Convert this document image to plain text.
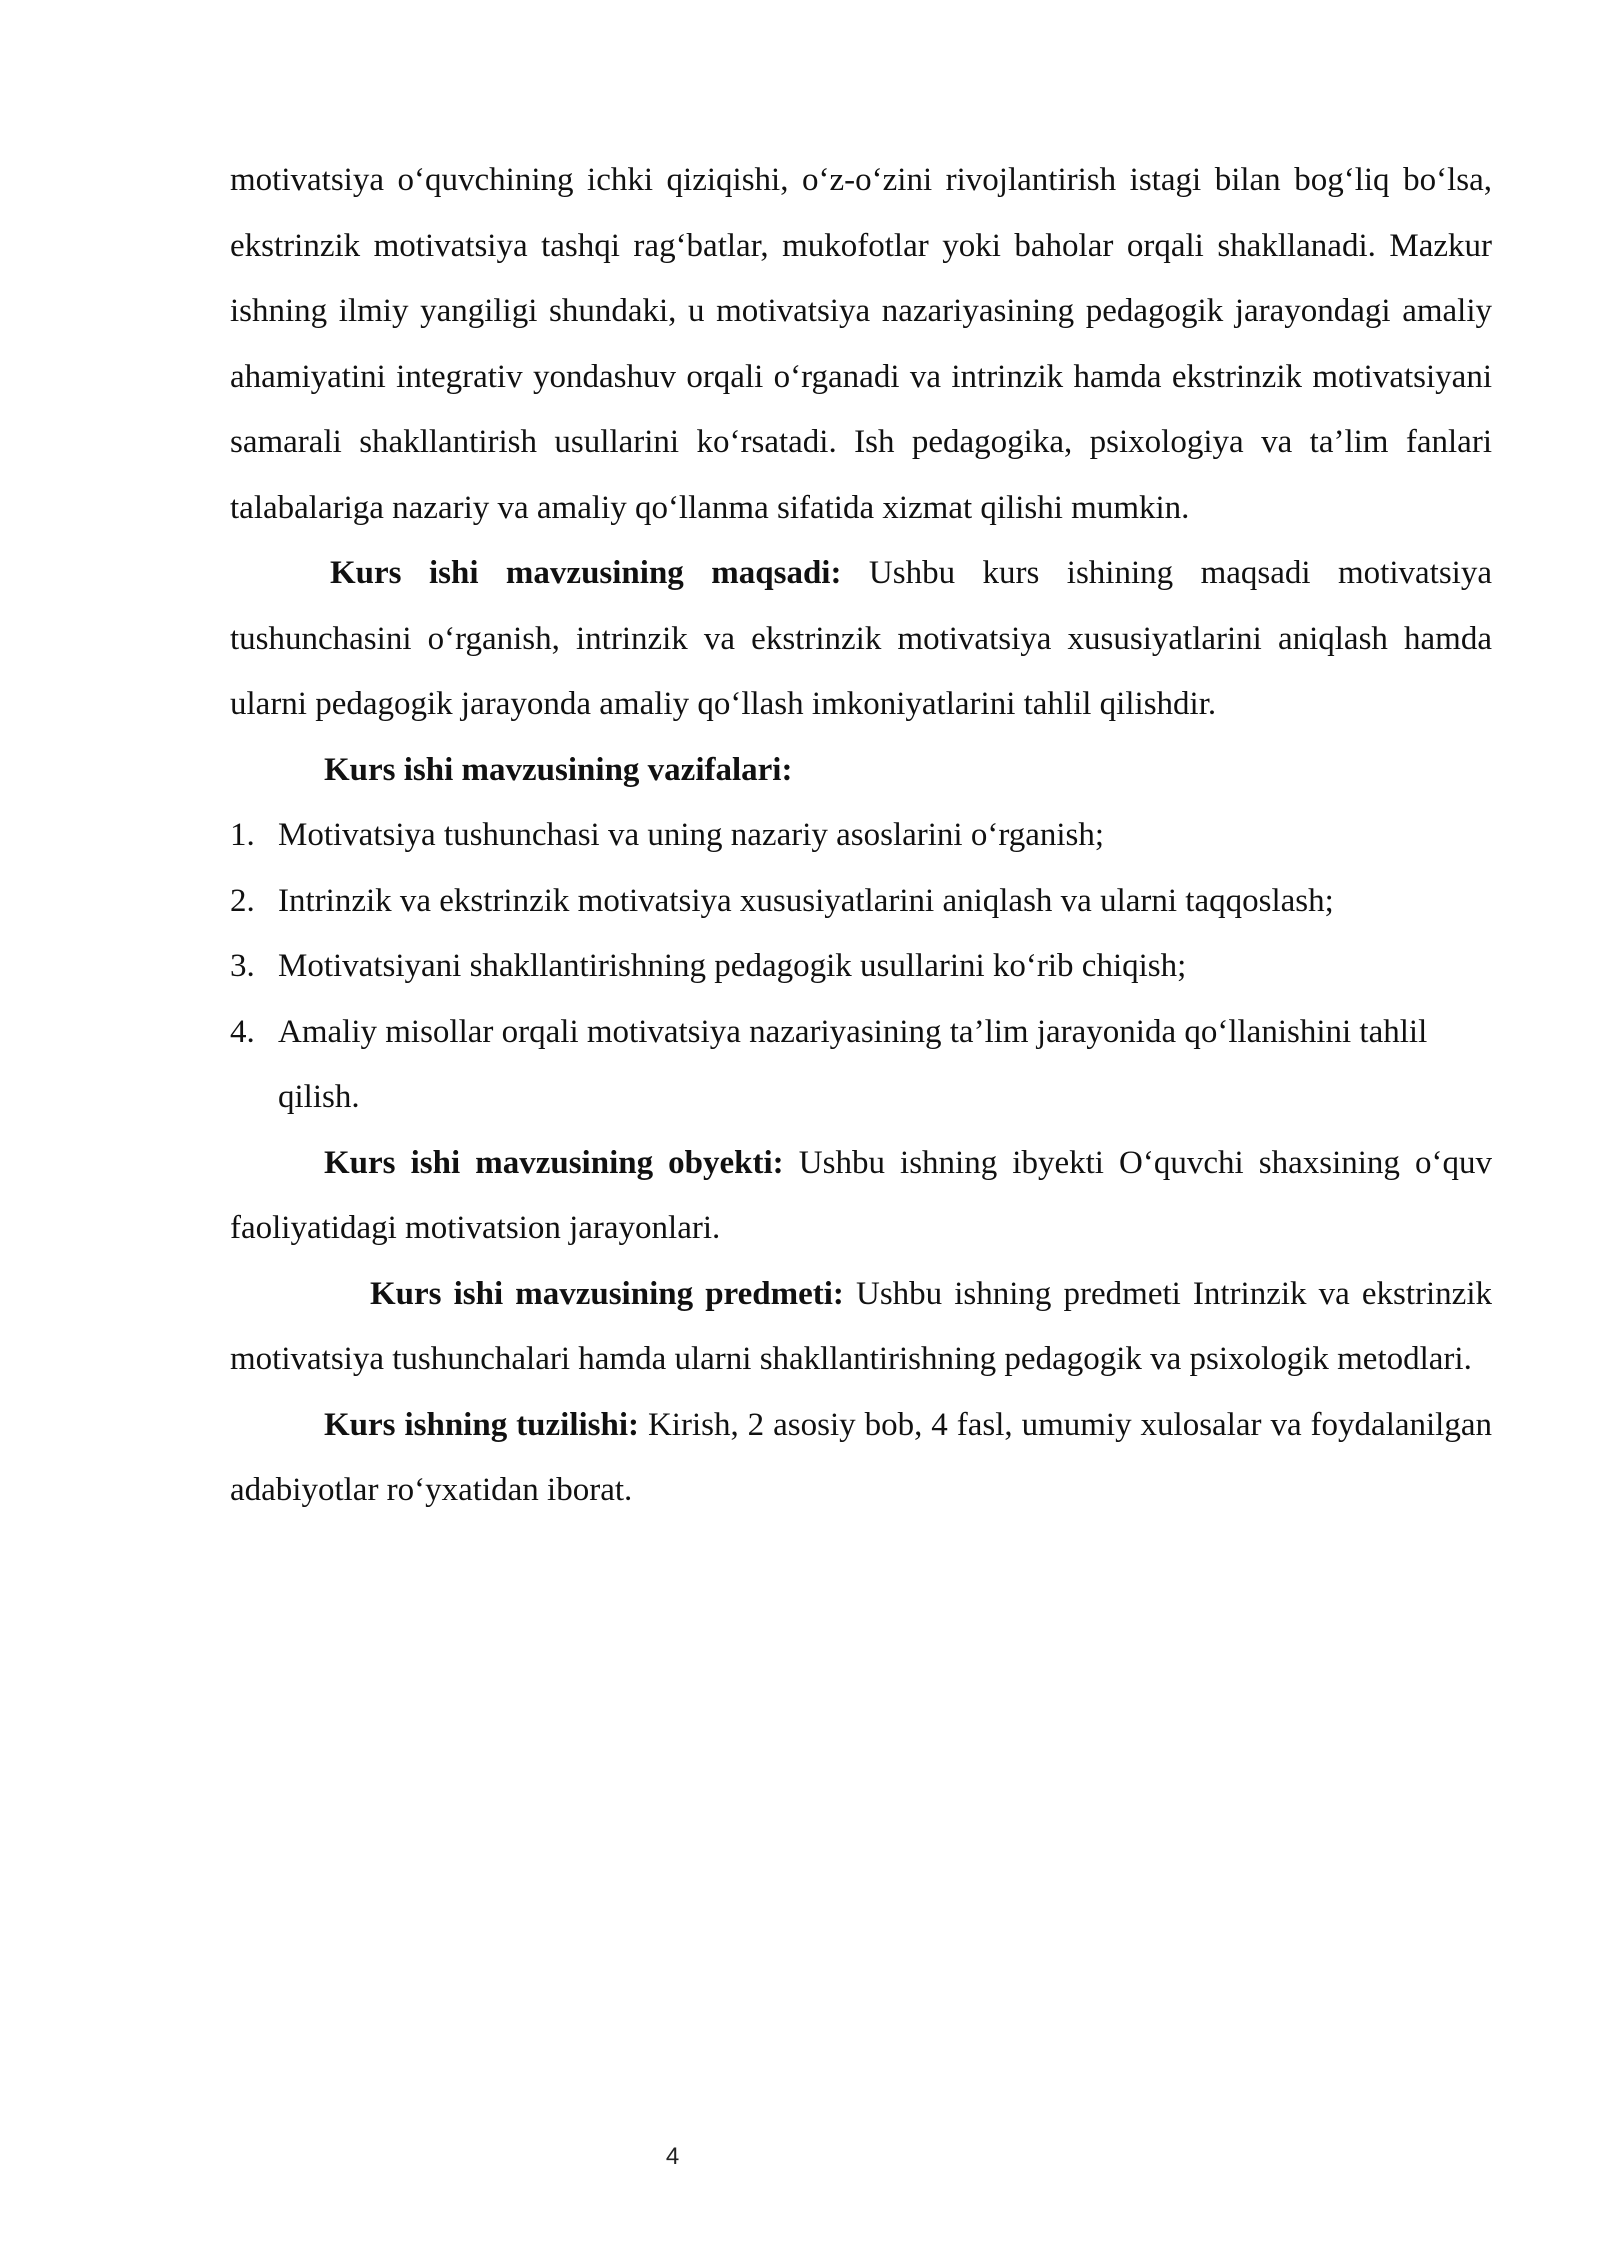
motivatsiya o‘quvchining ichki qiziqishi, o‘z-o‘zini rivojlantirish istagi bilan bog‘liq bo‘lsa, ekstrinzik motivatsiya tashqi rag‘batlar, mukofotlar yoki baholar orqali shakllanadi. Mazkur ishning ilmiy yangiligi shundaki, u motivatsiya nazariyasining pedagogik jarayondagi amaliy ahamiyatini integrativ yondashuv orqali o‘rganadi va intrinzik hamda ekstrinzik motivatsiyani samarali shakllantirish usullarini ko‘rsatadi. Ish pedagogika, psixologiya va ta’lim fanlari talabalariga nazariy va amaliy qo‘llanma sifatida xizmat qilishi mumkin.

Kurs ishi mavzusining maqsadi: Ushbu kurs ishining maqsadi motivatsiya tushunchasini o‘rganish, intrinzik va ekstrinzik motivatsiya xususiyatlarini aniqlash hamda ularni pedagogik jarayonda amaliy qo‘llash imkoniyatlarini tahlil qilishdir.

Kurs ishi mavzusining vazifalari:

1. Motivatsiya tushunchasi va uning nazariy asoslarini o‘rganish;
2. Intrinzik va ekstrinzik motivatsiya xususiyatlarini aniqlash va ularni taqqoslash;
3. Motivatsiyani shakllantirishning pedagogik usullarini ko‘rib chiqish;
4. Amaliy misollar orqali motivatsiya nazariyasining ta’lim jarayonida qo‘llanishini tahlil qilish.

Kurs ishi mavzusining obyekti: Ushbu ishning ibyekti O‘quvchi shaxsining o‘quv faoliyatidagi motivatsion jarayonlari.

Kurs ishi mavzusining predmeti: Ushbu ishning predmeti Intrinzik va ekstrinzik motivatsiya tushunchalari hamda ularni shakllantirishning pedagogik va psixologik metodlari.

Kurs ishning tuzilishi: Kirish, 2 asosiy bob, 4 fasl, umumiy xulosalar va foydalanilgan adabiyotlar ro‘yxatidan iborat.

4
